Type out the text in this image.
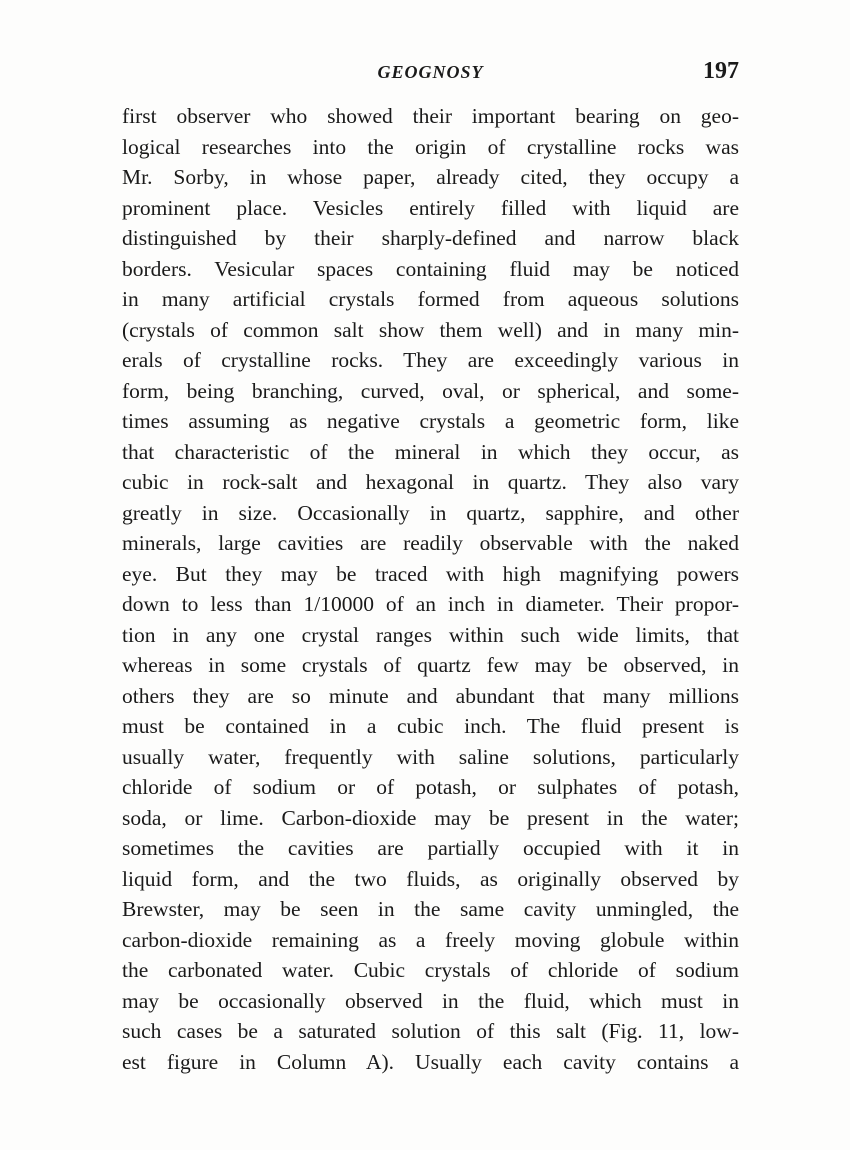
GEOGNOSY	197
first observer who showed their important bearing on geo-
logical researches into the origin of crystalline rocks was
Mr. Sorby, in whose paper, already cited, they occupy a
prominent place. Vesicles entirely filled with liquid are
distinguished by their sharply-defined and narrow black
borders. Vesicular spaces containing fluid may be noticed
in many artificial crystals formed from aqueous solutions
(crystals of common salt show them well) and in many min-
erals of crystalline rocks. They are exceedingly various in
form, being branching, curved, oval, or spherical, and some-
times assuming as negative crystals a geometric form, like
that characteristic of the mineral in which they occur, as
cubic in rock-salt and hexagonal in quartz. They also vary
greatly in size. Occasionally in quartz, sapphire, and other
minerals, large cavities are readily observable with the naked
eye. But they may be traced with high magnifying powers
down to less than 1/10000 of an inch in diameter. Their propor-
tion in any one crystal ranges within such wide limits, that
whereas in some crystals of quartz few may be observed, in
others they are so minute and abundant that many millions
must be contained in a cubic inch. The fluid present is
usually water, frequently with saline solutions, particularly
chloride of sodium or of potash, or sulphates of potash,
soda, or lime. Carbon-dioxide may be present in the water;
sometimes the cavities are partially occupied with it in
liquid form, and the two fluids, as originally observed by
Brewster, may be seen in the same cavity unmingled, the
carbon-dioxide remaining as a freely moving globule within
the carbonated water. Cubic crystals of chloride of sodium
may be occasionally observed in the fluid, which must in
such cases be a saturated solution of this salt (Fig. 11, low-
est figure in Column A). Usually each cavity contains a
